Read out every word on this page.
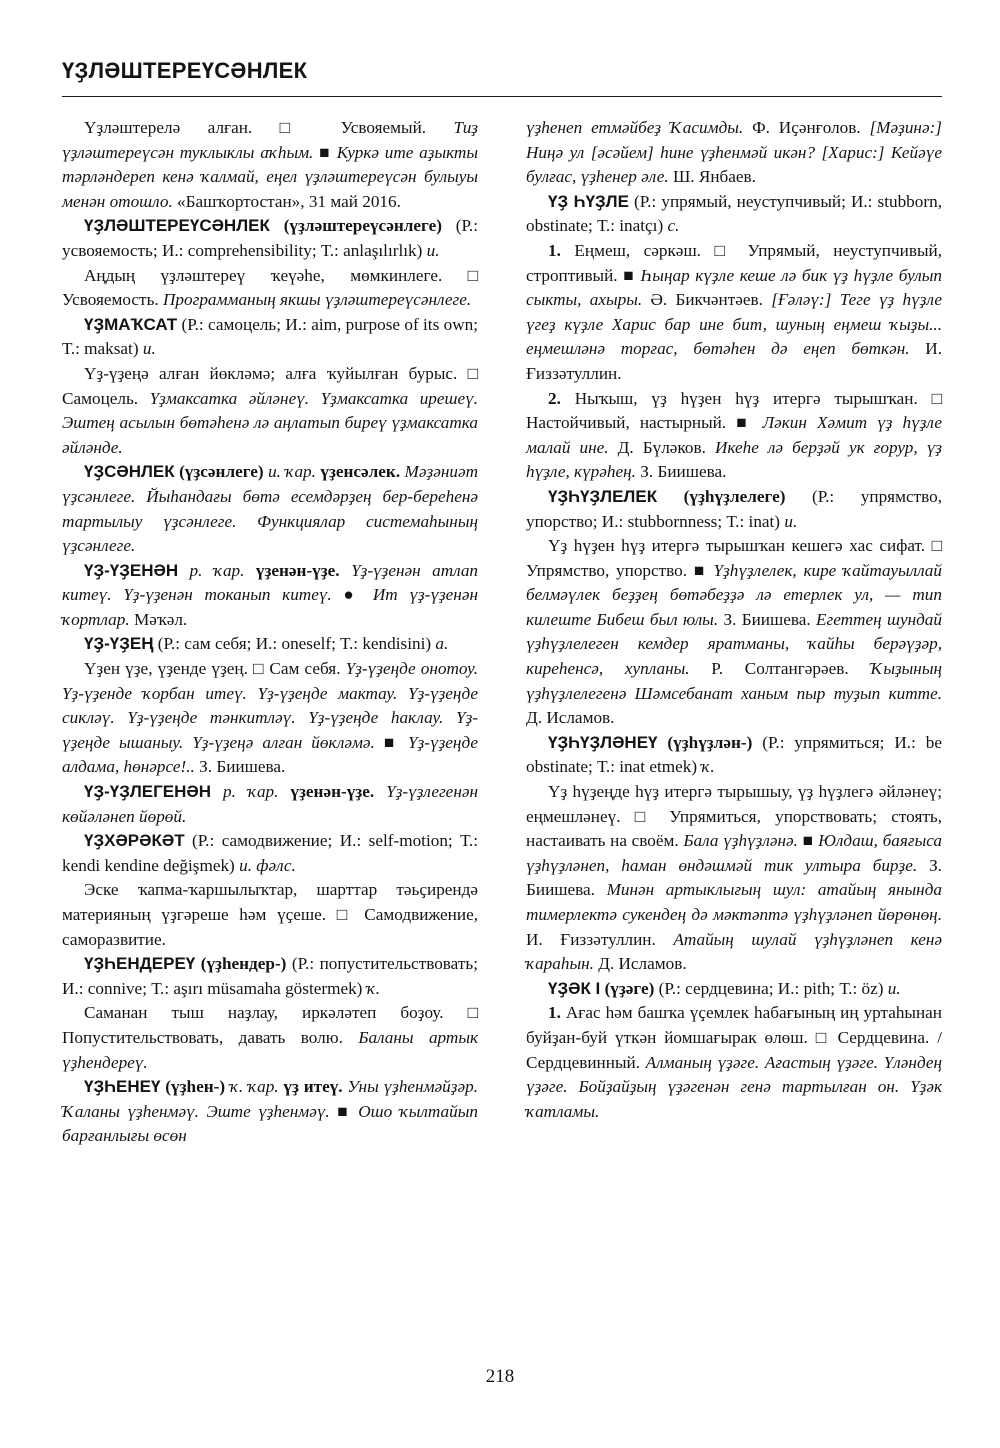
ҮҘЛӘШТЕРЕҮСӘНЛЕК

Үҙләштерелә алған. □ Усвояемый. Тиҙ үҙләштереүсән туклыклы аҡһым. ■ Куркә ите аҙыкты тәрләндереп кенә ҡалмай, еңел үҙләштереүсән булыуы менән отошло. «Башҡортостан», 31 май 2016.

ҮҘЛӘШТЕРЕҮСӘНЛЕК (үҙләштереүсәнлеге) (Р.: усвояемость; И.: comprehensibility; Т.: anlaşılırlık) и.

Аңдың үҙләштереү ҡеүәһе, мөмкинлеге. □ Усвояемость. Программаның якшы үҙләштереүсәнлеге.

ҮҘМАҠСАТ (Р.: самоцель; И.: aim, purpose of its own; Т.: maksat) и.

Үҙ-үҙеңә алған йөкләмә; алға ҡуйылған бурыс. □ Самоцель. Үҙмаксатка әйләнеү. Үҙмаксатка ирешеү. Эштең асылын бөтәһенә лә аңлатып биреү үҙмаксатка әйләнде.

ҮҘСӘНЛЕК (үҙсәнлеге) и. ҡар. үҙенсәлек. Мәҙәниәт үҙсәнлеге. Йыһандағы бөтә есемдәрҙең бер-береһенә тартылыу үҙсәнлеге. Функциялар системаһының үҙсәнлеге.

ҮҘ-ҮҘЕНӘН р. ҡар. үҙенән-үҙе. Үҙ-үҙенән атлап китеү. Үҙ-үҙенән токанып китеү. ● Ит үҙ-үҙенән ҡортлар. Мәҡәл.

ҮҘ-ҮҘЕҢ (Р.: сам себя; И.: oneself; Т.: kendisini) а.

Үҙен үҙе, үҙенде үҙең. □ Сам себя. Үҙ-үҙеңде онотоу. Үҙ-үҙенде ҡорбан итеү. Үҙ-үҙеңде мактау. Үҙ-үҙеңде сикләү. Үҙ-үҙеңде тәнкитләү. Үҙ-үҙеңде һаклау. Үҙ-үҙеңде ышаныу. Үҙ-үҙеңә алған йөкләмә. ■ Үҙ-үҙеңде алдама, һөнәрсе!.. З. Биишева.

ҮҘ-ҮҘЛЕГЕНӘН р. ҡар. үҙенән-үҙе. Үҙ-үҙлегенән көйәләнеп йөрөй.

ҮҘХӘРӘКӘТ (Р.: самодвижение; И.: self-motion; Т.: kendi kendine değişmek) и. фәлс.

Эске ҡапма-ҡаршылыҡтар, шарттар тәьҫирендә материяның үҙгәреше һәм үҫеше. □ Самодвижение, саморазвитие.

ҮҘҺЕНДЕРЕҮ (үҙһендер-) (Р.: попустительствовать; И.: connive; Т.: aşırı müsamaha göstermek) ҡ.

Саманан тыш наҙлау, иркәләтеп боҙоу. □ Попустительствовать, давать волю. Баланы артык үҙһендереү.

ҮҘҺЕНЕҮ (үҙһен-) ҡ. ҡар. үҙ итеү. Уны үҙһенмәйҙәр. Ҡаланы үҙһенмәү. Эште үҙһенмәү. ■ Ошо ҡылтайып барғанлығы өсөн

үҙһенеп етмәйбеҙ Ҡасимды. Ф. Иҫәнғолов. [Мәҙинә:] Ниңә ул [әсәйем] һине үҙһенмәй икән? [Харис:] Кейәүе булғас, үҙһенер әле. Ш. Янбаев.

ҮҘ ҺҮҘЛЕ (Р.: упрямый, неуступчивый; И.: stubborn, obstinate; Т.: inatçı) с.

1. Еңмеш, сәркәш. □ Упрямый, неуступчивый, строптивый. ■ Һыңар күҙле кеше лә бик үҙ һүҙле булып сыкты, ахыры. Ә. Бикчәнтәев. [Ғәләү:] Теге үҙ һүҙле үгеҙ күҙле Харис бар ине бит, шуның еңмеш ҡыҙы... еңмешләнә торғас, бөтәһен дә еңеп бөткән. И. Ғиззәтуллин.

2. Ныҡыш, үҙ һүҙен һүҙ итергә тырышҡан. □ Настойчивый, настырный. ■ Ләкин Хәмит үҙ һүҙле малай ине. Д. Бүләков. Икеһе лә берҙәй ук ғорур, үҙ һүҙле, күрәһең. З. Биишева.

ҮҘҺҮҘЛЕЛЕК (үҙһүҙлелеге) (Р.: упрямство, упорство; И.: stubbornness; Т.: inat) и.

Үҙ һүҙен һүҙ итергә тырышҡан кешегә хас сифат. □ Упрямство, упорство. ■ Үҙһүҙлелек, кире ҡайтауыллай белмәүлек беҙҙең бөтәбеҙҙә лә етерлек ул, — тип килеште Бибеш был юлы. З. Биишева. Егеттең шундай үҙһүҙлелеген кемдер яратманы, ҡайһы берәүҙәр, киреһенсә, хупланы. Р. Солтангәрәев. Ҡыҙының үҙһүҙлелегенә Шәмсебанат ханым пыр туҙып китте. Д. Исламов.

ҮҘҺҮҘЛӘНЕҮ (үҙһүҙлән-) (Р.: упрямиться; И.: be obstinate; Т.: inat etmek) ҡ.

Үҙ һүҙеңде һүҙ итергә тырышыу, үҙ һүҙлегә әйләнеү; еңмешләнеү. □ Упрямиться, упорствовать; стоять, настаивать на своём. Бала үҙһүҙләнә. ■ Юлдаш, баяғыса үҙһүҙләнеп, һаман өндәшмәй тик ултыра бирҙе. З. Биишева. Минән артыклығың шул: атайың янында тимерлектә сукендең дә мәктәптә үҙһүҙләнеп йөрөнөң. И. Ғиззәтуллин. Атайың шулай үҙһүҙләнеп кенә ҡараһын. Д. Исламов.

ҮҘӘК I (үҙәге) (Р.: сердцевина; И.: pith; Т.: öz) и.

1. Ағас һәм башҡа үҫемлек һабағының иң уртаһынан буйҙан-буй үткән йомшағырак өлөш. □ Сердцевина. / Сердцевинный. Алманың үҙәге. Ағастың үҙәге. Үләндең үҙәге. Бойҙайҙың үҙәгенән генә тартылған он. Үҙәк ҡатламы.

218
